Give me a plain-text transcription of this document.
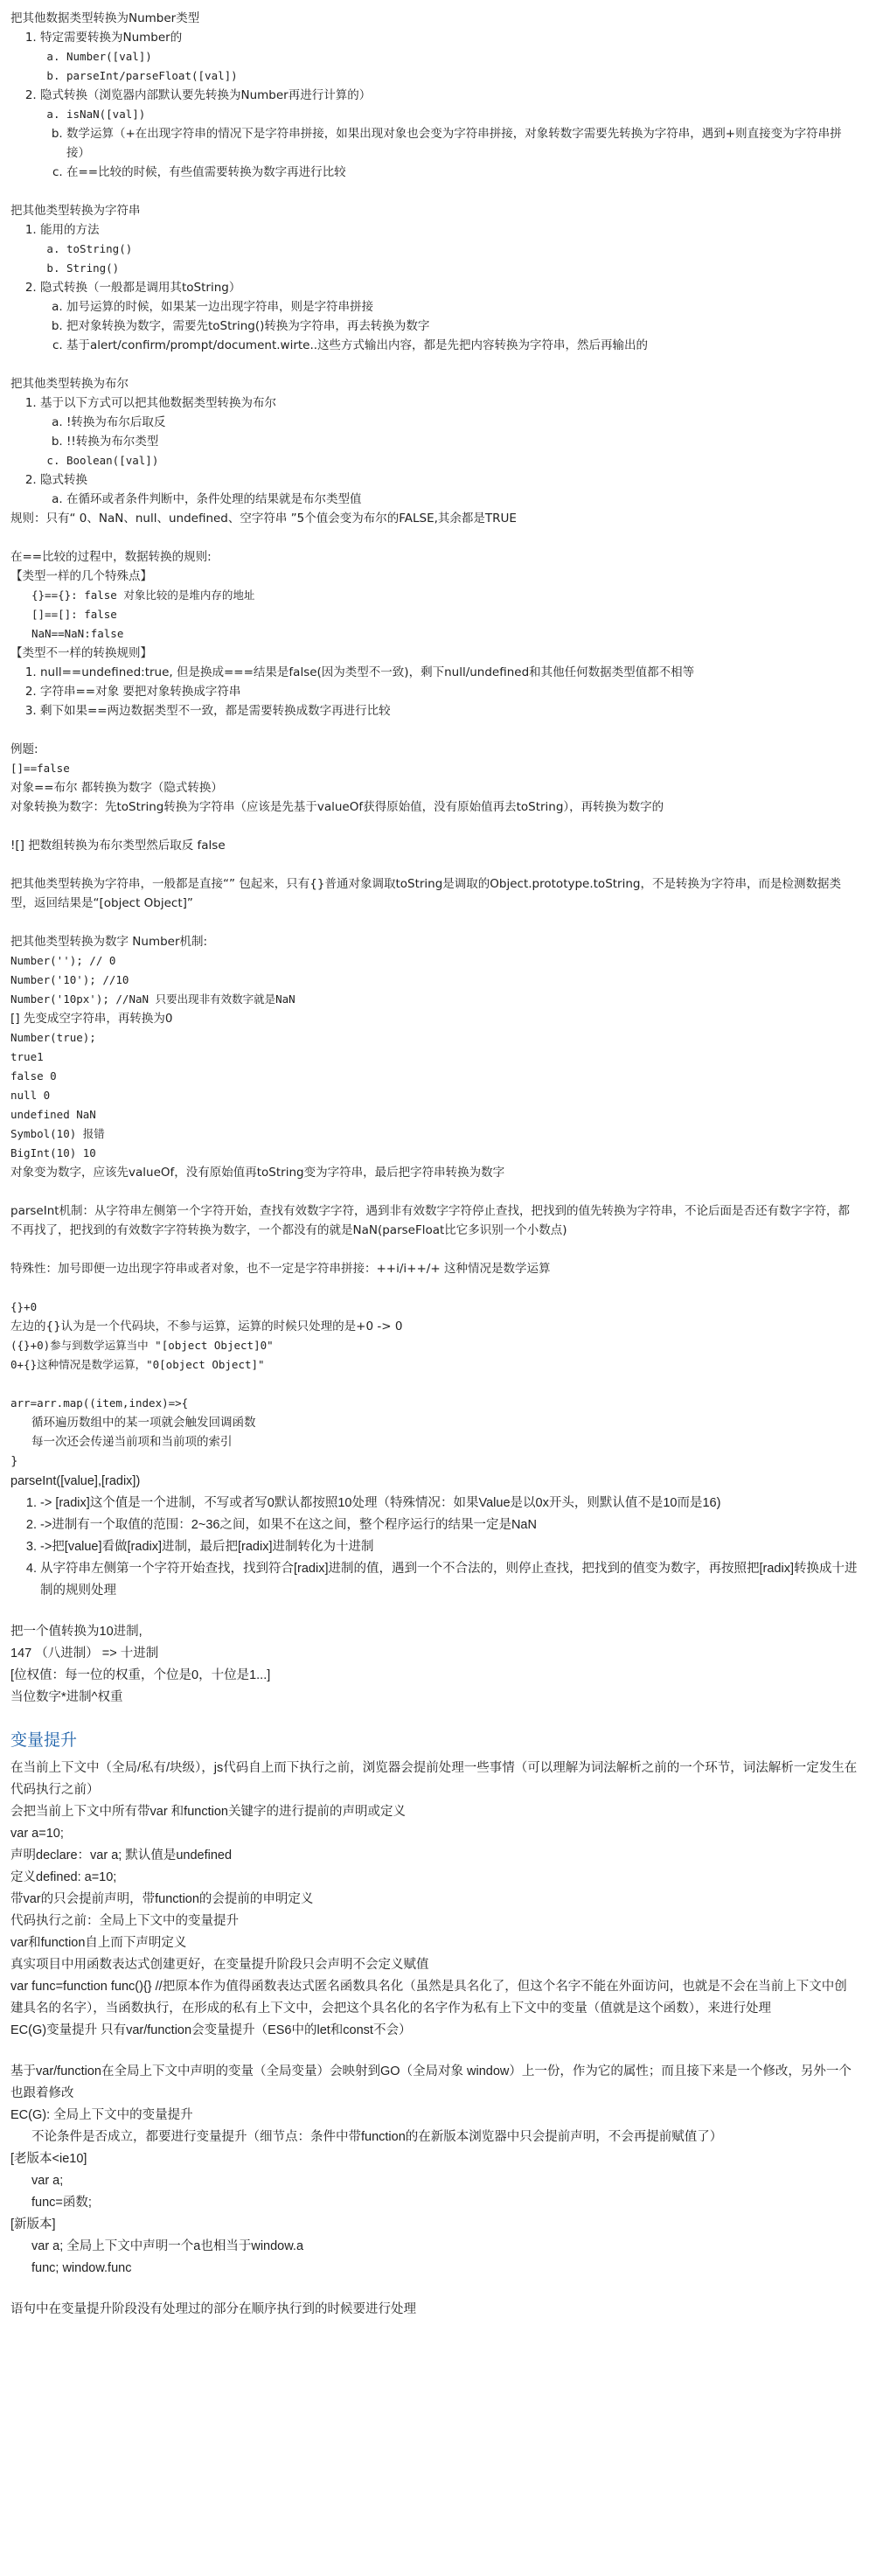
把其他数据类型转换为Number类型

1. 特定需要转换为Number的
a. Number([val])
b. parseInt/parseFloat([val])
2. 隐式转换（浏览器内部默认要先转换为Number再进行计算的）
a. isNaN([val])
b. 数学运算（+在出现字符串的情况下是字符串拼接，如果出现对象也会变为字符串拼接，对象转数字需要先转换为字符串，遇到+则直接变为字符串拼接）
c. 在==比较的时候，有些值需要转换为数字再进行比较

把其他类型转换为字符串

1. 能用的方法
a. toString()
b. String()
2. 隐式转换（一般都是调用其toString）
a. 加号运算的时候，如果某一边出现字符串，则是字符串拼接
b. 把对象转换为数字，需要先toString()转换为字符串，再去转换为数字
c. 基于alert/confirm/prompt/document.wirte..这些方式输出内容，都是先把内容转换为字符串，然后再输出的

把其他类型转换为布尔

1. 基于以下方式可以把其他数据类型转换为布尔
a. !转换为布尔后取反
b. !!转换为布尔类型
c. Boolean([val])
2. 隐式转换
a. 在循环或者条件判断中，条件处理的结果就是布尔类型值

规则：只有“ 0、NaN、null、undefined、空字符串 ”5个值会变为布尔的FALSE,其余都是TRUE

在==比较的过程中，数据转换的规则:

【类型一样的几个特殊点】

{}=={}: false 对象比较的是堆内存的地址

[]==[]: false

NaN==NaN:false

【类型不一样的转换规则】

1. null==undefined:true, 但是换成===结果是false(因为类型不一致)，剩下null/undefined和其他任何数据类型值都不相等
2. 字符串==对象 要把对象转换成字符串
3. 剩下如果==两边数据类型不一致，都是需要转换成数字再进行比较

例题:

[]==false

对象==布尔 都转换为数字（隐式转换）

对象转换为数字：先toString转换为字符串（应该是先基于valueOf获得原始值，没有原始值再去toString），再转换为数字的

![] 把数组转换为布尔类型然后取反 false

把其他类型转换为字符串，一般都是直接“” 包起来，只有{}普通对象调取toString是调取的Object.prototype.toString，不是转换为字符串，而是检测数据类型，返回结果是“[object Object]”

把其他类型转换为数字 Number机制:

Number(''); // 0

Number('10'); //10

Number('10px'); //NaN 只要出现非有效数字就是NaN

[] 先变成空字符串，再转换为0

Number(true);

true1

false 0

null 0

undefined NaN

Symbol(10) 报错

BigInt(10) 10

对象变为数字，应该先valueOf，没有原始值再toString变为字符串，最后把字符串转换为数字

parseInt机制：从字符串左侧第一个字符开始，查找有效数字字符，遇到非有效数字字符停止查找，把找到的值先转换为字符串，不论后面是否还有数字字符，都不再找了，把找到的有效数字字符转换为数字，一个都没有的就是NaN(parseFloat比它多识别一个小数点)

特殊性：加号即便一边出现字符串或者对象，也不一定是字符串拼接：++i/i++/+ 这种情况是数学运算

{}+0

左边的{}认为是一个代码块，不参与运算，运算的时候只处理的是+0 -> 0

({}+0)参与到数学运算当中 "[object Object]0"

0+{}这种情况是数学运算，"0[object Object]"

arr=arr.map((item,index)=>{

循环遍历数组中的某一项就会触发回调函数

每一次还会传递当前项和当前项的索引

}

parseInt([value],[radix])

1. -> [radix]这个值是一个进制，不写或者写0默认都按照10处理（特殊情况：如果Value是以0x开头，则默认值不是10而是16)
2. ->进制有一个取值的范围：2~36之间，如果不在这之间，整个程序运行的结果一定是NaN
3. ->把[value]看做[radix]进制，最后把[radix]进制转化为十进制
4. 从字符串左侧第一个字符开始查找，找到符合[radix]进制的值，遇到一个不合法的，则停止查找，把找到的值变为数字，再按照把[radix]转换成十进制的规则处理

把一个值转换为10进制,

147 （八进制） => 十进制

[位权值：每一位的权重，个位是0，十位是1...]

当位数字*进制^权重

变量提升

在当前上下文中（全局/私有/块级），js代码自上而下执行之前，浏览器会提前处理一些事情（可以理解为词法解析之前的一个环节，词法解析一定发生在代码执行之前）

会把当前上下文中所有带var 和function关键字的进行提前的声明或定义

var a=10;

声明declare：var a; 默认值是undefined

定义defined: a=10;

带var的只会提前声明，带function的会提前的申明定义

代码执行之前：全局上下文中的变量提升

var和function自上而下声明定义

真实项目中用函数表达式创建更好，在变量提升阶段只会声明不会定义赋值

var func=function func(){} //把原本作为值得函数表达式匿名函数具名化（虽然是具名化了，但这个名字不能在外面访问，也就是不会在当前上下文中创建具名的名字），当函数执行，在形成的私有上下文中，会把这个具名化的名字作为私有上下文中的变量（值就是这个函数），来进行处理

EC(G)变量提升 只有var/function会变量提升（ES6中的let和const不会）

基于var/function在全局上下文中声明的变量（全局变量）会映射到GO（全局对象 window）上一份，作为它的属性；而且接下来是一个修改，另外一个也跟着修改

EC(G): 全局上下文中的变量提升

不论条件是否成立，都要进行变量提升（细节点：条件中带function的在新版本浏览器中只会提前声明，不会再提前赋值了）

[老版本<ie10]

var a;

func=函数;

[新版本]

var a; 全局上下文中声明一个a也相当于window.a

func; window.func

语句中在变量提升阶段没有处理过的部分在顺序执行到的时候要进行处理
